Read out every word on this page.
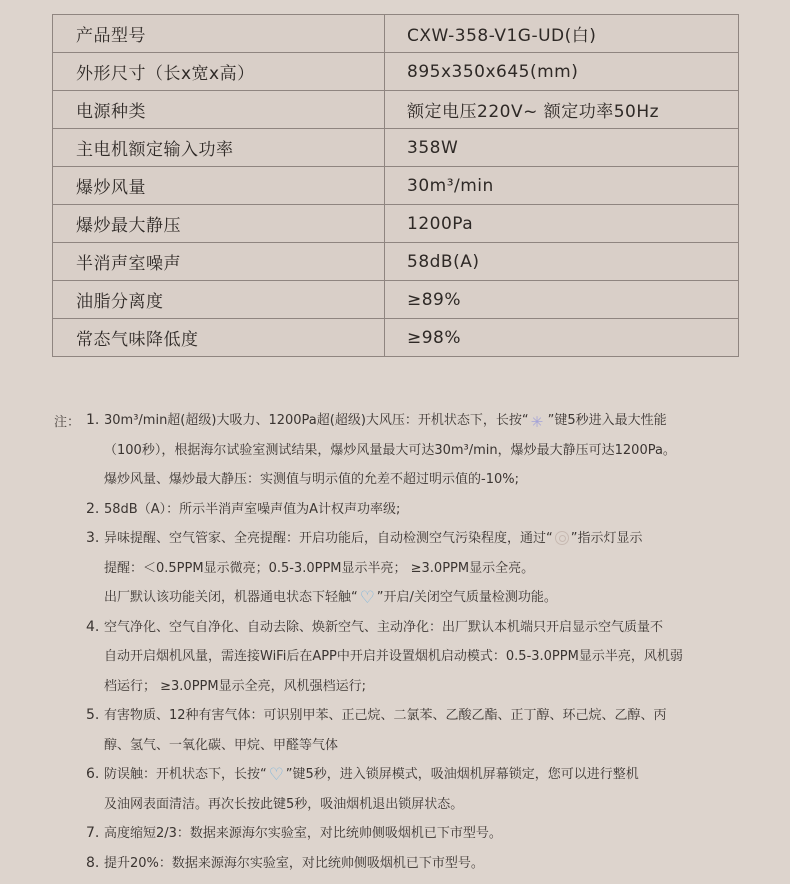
产品型号	CXW-358-V1G-UD(白)
外形尺寸（长x宽x高）	895x350x645(mm)
电源种类	额定电压220V~ 额定功率50Hz
主电机额定输入功率	358W
爆炒风量	30m³/min
爆炒最大静压	1200Pa
半消声室噪声	58dB(A)
油脂分离度	≥89%
常态气味降低度	≥98%
注： 1. 30m³/min超(超级)大吸力、1200Pa超(超级)大风压：开机状态下，长按“ ✳ ”键5秒进入最大性能
（100秒），根据海尔试验室测试结果，爆炒风量最大可达30m³/min，爆炒最大静压可达1200Pa。
爆炒风量、爆炒最大静压：实测值与明示值的允差不超过明示值的-10%;
2. 58dB（A）：所示半消声室噪声值为A计权声功率级;
3. 异味提醒、空气管家、全亮提醒：开启功能后，自动检测空气污染程度，通过“ ”指示灯显示
提醒：＜0.5PPM显示微亮；0.5-3.0PPM显示半亮； ≥3.0PPM显示全亮。
出厂默认该功能关闭，机器通电状态下轻触“ ♡ ”开启/关闭空气质量检测功能。
4. 空气净化、空气自净化、自动去除、焕新空气、主动净化：出厂默认本机端只开启显示空气质量不
自动开启烟机风量，需连接WiFi后在APP中开启并设置烟机启动模式：0.5-3.0PPM显示半亮，风机弱
档运行； ≥3.0PPM显示全亮，风机强档运行;
5. 有害物质、12种有害气体：可识别甲苯、正己烷、二氯苯、乙酸乙酯、正丁醇、环己烷、乙醇、丙
醇、氢气、一氧化碳、甲烷、甲醛等气体
6. 防误触：开机状态下，长按“ ♡ ”键5秒，进入锁屏模式，吸油烟机屏幕锁定，您可以进行整机
及油网表面清洁。再次长按此键5秒，吸油烟机退出锁屏状态。
7. 高度缩短2/3：数据来源海尔实验室，对比统帅侧吸烟机已下市型号。
8. 提升20%：数据来源海尔实验室，对比统帅侧吸烟机已下市型号。
